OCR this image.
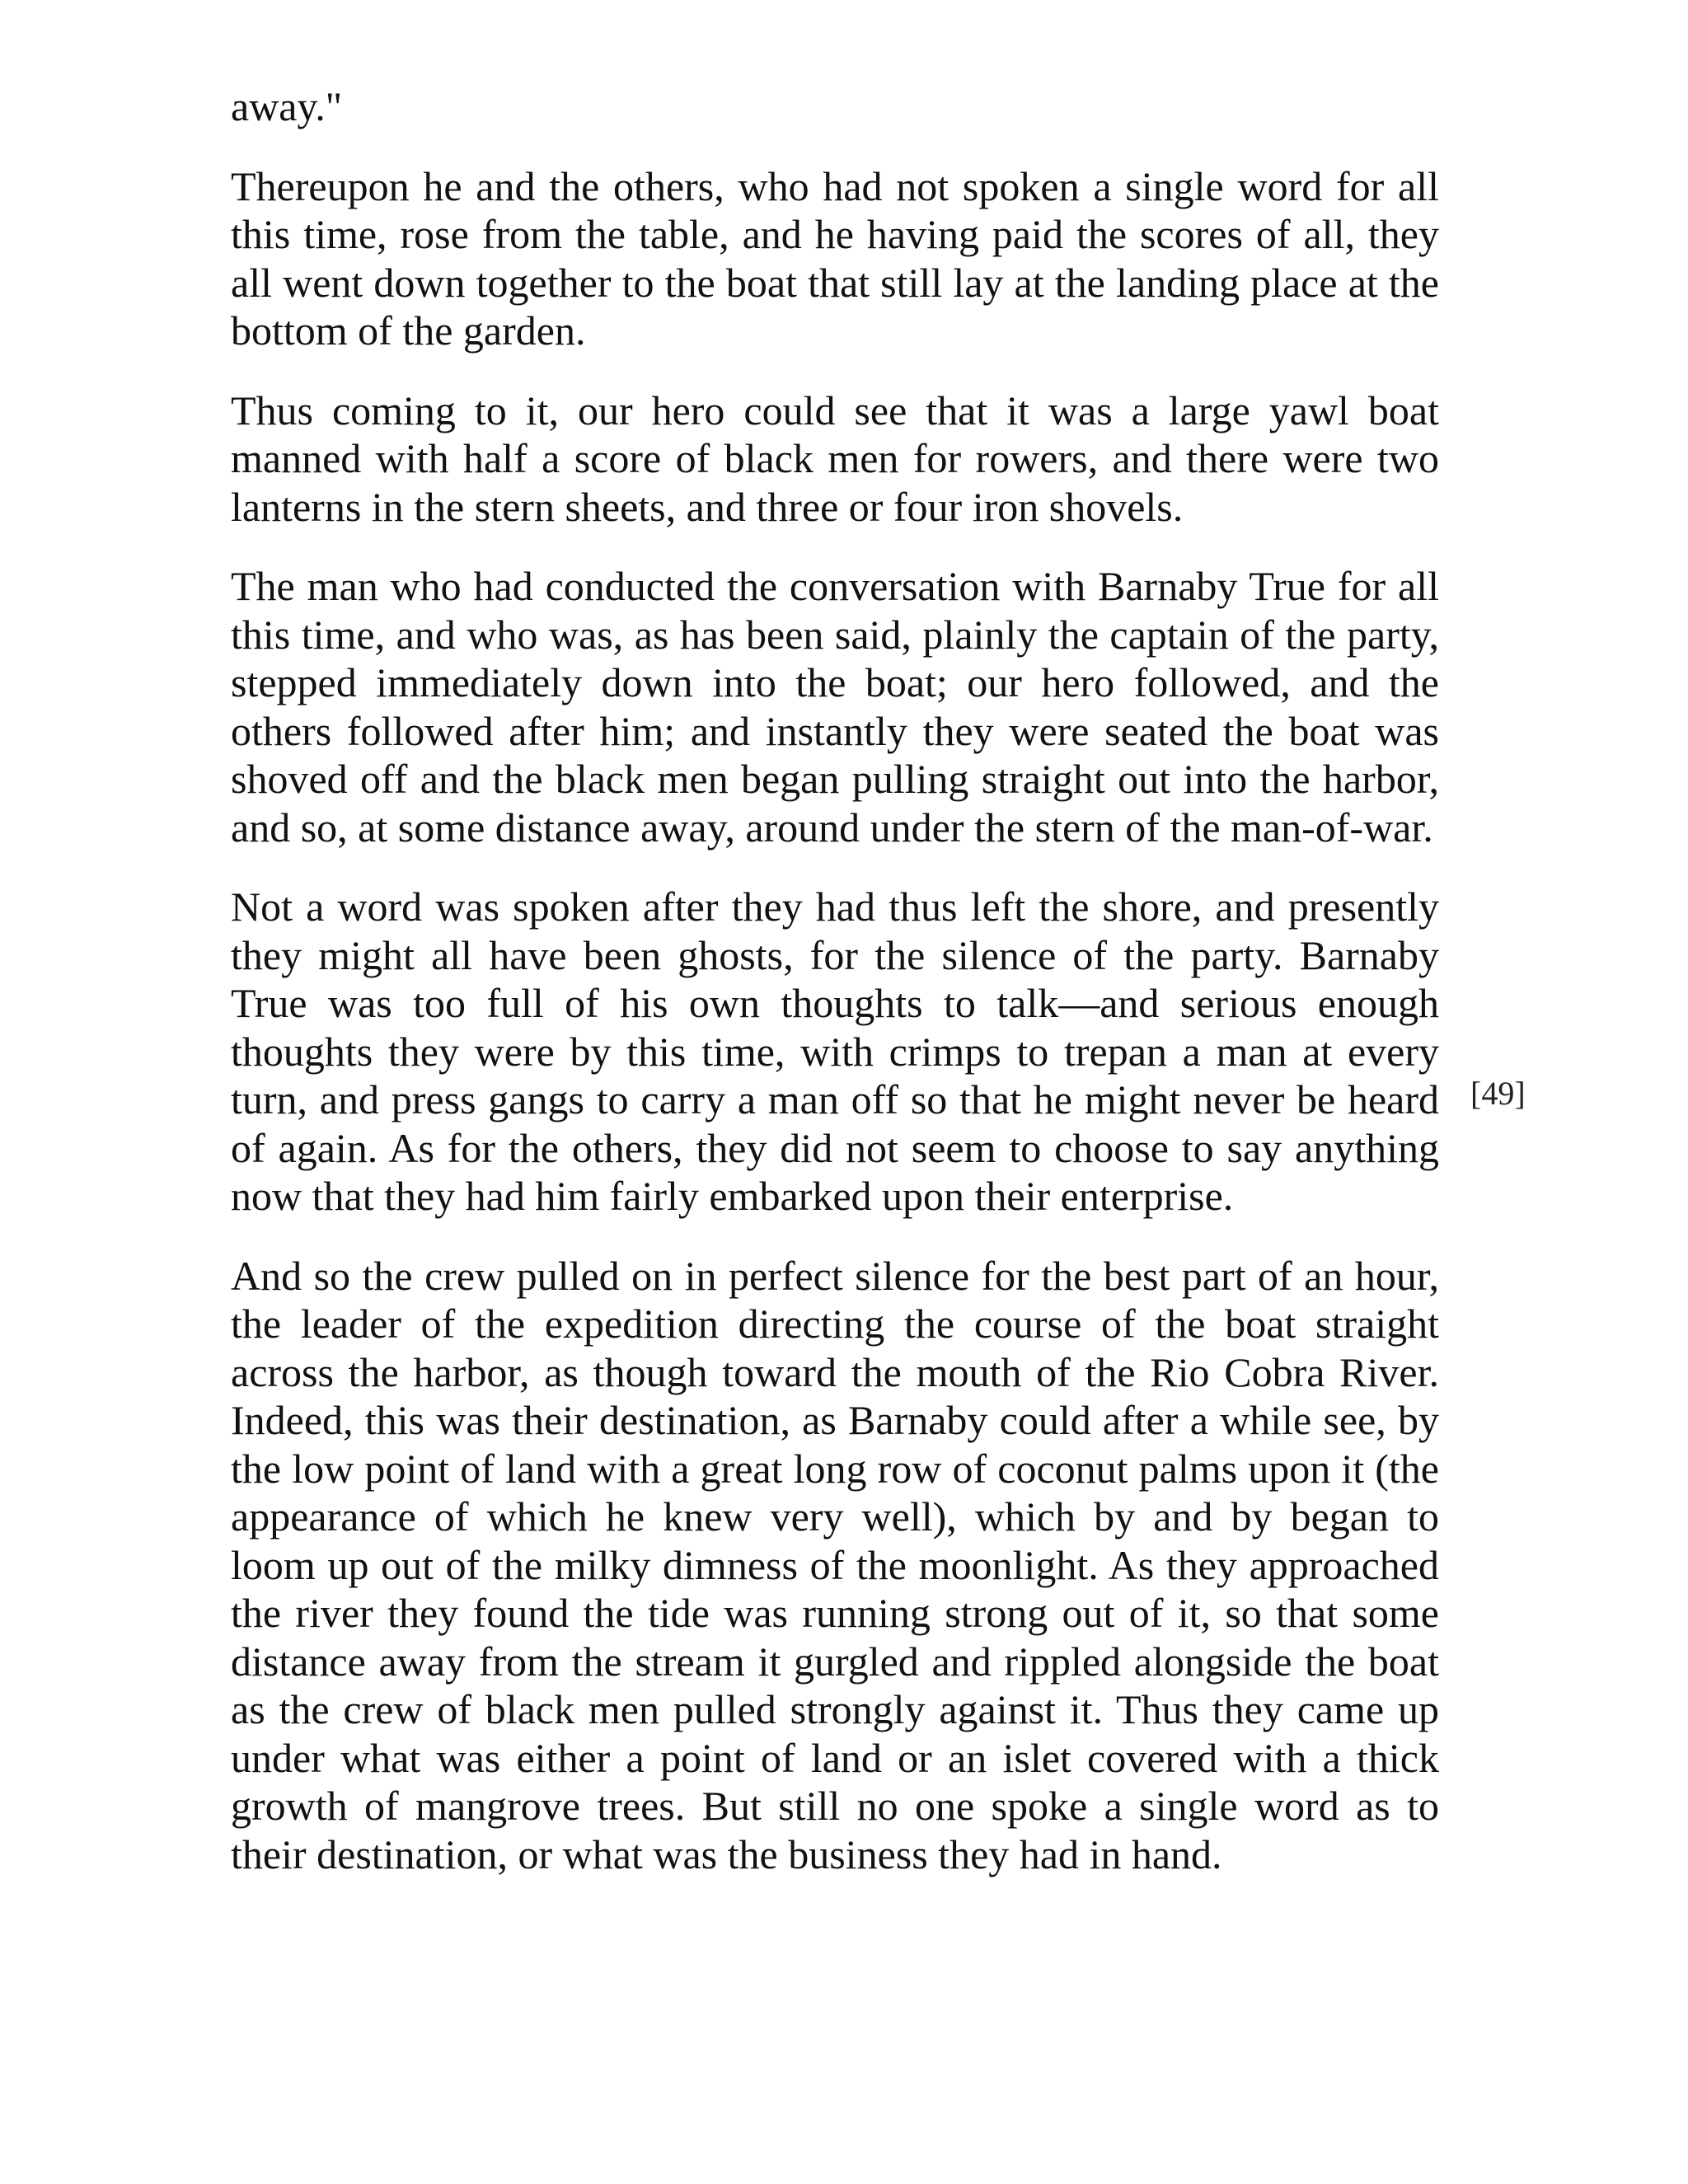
away."

Thereupon he and the others, who had not spoken a single word for all this time, rose from the table, and he having paid the scores of all, they all went down together to the boat that still lay at the landing place at the bottom of the garden.

Thus coming to it, our hero could see that it was a large yawl boat manned with half a score of black men for rowers, and there were two lanterns in the stern sheets, and three or four iron shovels.

The man who had conducted the conversation with Barnaby True for all this time, and who was, as has been said, plainly the captain of the party, stepped immediately down into the boat; our hero followed, and the others followed after him; and instantly they were seated the boat was shoved off and the black men began pulling straight out into the harbor, and so, at some distance away, around under the stern of the man-of-war.

Not a word was spoken after they had thus left the shore, and presently they might all have been ghosts, for the silence of the party. Barnaby True was too full of his own thoughts to talk—and serious enough thoughts they were by this time, with crimps to trepan a man at every turn, and press gangs to carry a man off so that he might never be heard of again. As for the others, they did not seem to choose to say anything now that they had him fairly embarked upon their enterprise.

And so the crew pulled on in perfect silence for the best part of an hour, the leader of the expedition directing the course of the boat straight across the harbor, as though toward the mouth of the Rio Cobra River. Indeed, this was their destination, as Barnaby could after a while see, by the low point of land with a great long row of coconut palms upon it (the appearance of which he knew very well), which by and by began to loom up out of the milky dimness of the moonlight. As they approached the river they found the tide was running strong out of it, so that some distance away from the stream it gurgled and rippled alongside the boat as the crew of black men pulled strongly against it. Thus they came up under what was either a point of land or an islet covered with a thick growth of mangrove trees. But still no one spoke a single word as to their destination, or what was the business they had in hand.

[49]
